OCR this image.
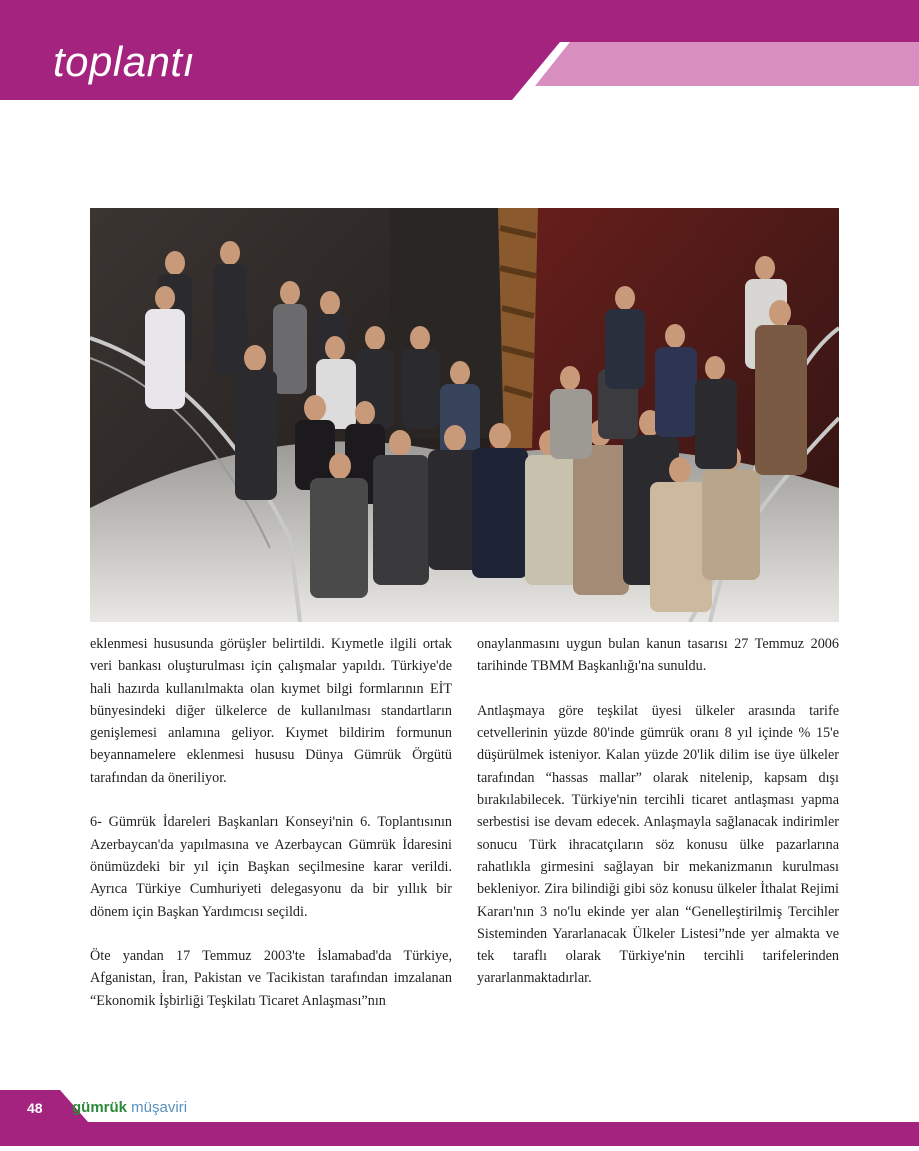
toplantı

eklenmesi hususunda görüşler belirtildi. Kıymetle ilgili ortak veri bankası oluşturulması için çalışmalar yapıldı. Türkiye'de hali hazırda kullanılmakta olan kıymet bilgi formlarının EİT bünyesindeki diğer ülkelerce de kullanılması standartların genişlemesi anlamına geliyor. Kıymet bildirim formunun beyannamelere eklenmesi hususu Dünya Gümrük Örgütü tarafından da öneriliyor.

6- Gümrük İdareleri Başkanları Konseyi'nin 6. Toplantısının Azerbaycan'da yapılmasına ve Azerbaycan Gümrük İdaresini önümüzdeki bir yıl için Başkan seçilmesine karar verildi. Ayrıca Türkiye Cumhuriyeti delegasyonu da bir yıllık bir dönem için Başkan Yardımcısı seçildi.

Öte yandan 17 Temmuz 2003'te İslamabad'da Türkiye, Afganistan, İran, Pakistan ve Tacikistan tarafından imzalanan “Ekonomik İşbirliği Teşkilatı Ticaret Anlaşması”nın

onaylanmasını uygun bulan kanun tasarısı 27 Temmuz 2006 tarihinde TBMM Başkanlığı'na sunuldu.

Antlaşmaya göre teşkilat üyesi ülkeler arasında tarife cetvellerinin yüzde 80'inde gümrük oranı 8 yıl içinde % 15'e düşürülmek isteniyor. Kalan yüzde 20'lik dilim ise üye ülkeler tarafından “hassas mallar” olarak nitelenip, kapsam dışı bırakılabilecek. Türkiye'nin tercihli ticaret antlaşması yapma serbestisi ise devam edecek. Anlaşmayla sağlanacak indirimler sonucu Türk ihracatçıların söz konusu ülke pazarlarına rahatlıkla girmesini sağlayan bir mekanizmanın kurulması bekleniyor. Zira bilindiği gibi söz konusu ülkeler İthalat Rejimi Kararı'nın 3 no'lu ekinde yer alan “Genelleştirilmiş Tercihler Sisteminden Yararlanacak Ülkeler Listesi”nde yer almakta ve tek taraflı olarak Türkiye'nin tercihli tarifelerinden yararlanmaktadırlar.

48 gümrük müşaviri
